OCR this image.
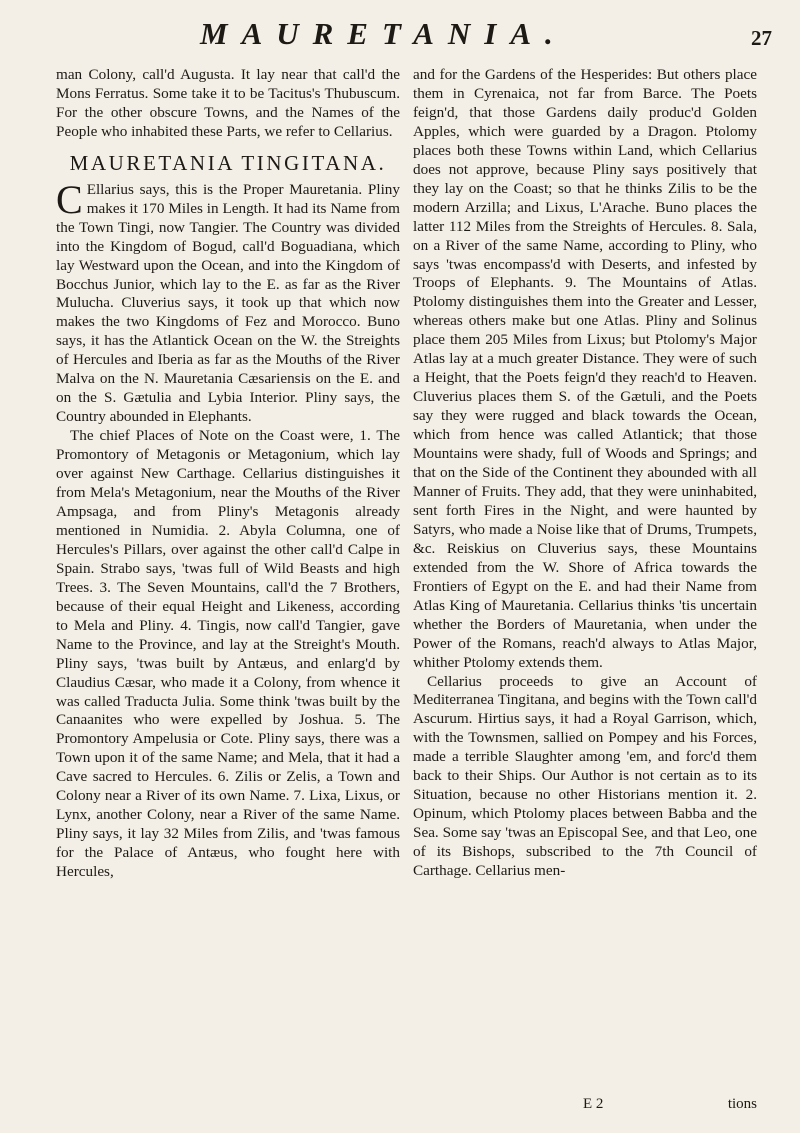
MAURETANIA.	27

man Colony, call'd Augusta. It lay near that call'd the Mons Ferratus. Some take it to be Tacitus's Thubuscum. For the other obscure Towns, and the Names of the People who inhabited these Parts, we refer to Cellarius.

MAURETANIA TINGITANA.

C Ellarius says, this is the Proper Mauretania. Pliny makes it 170 Miles in Length. It had its Name from the Town Tingi, now Tangier. The Country was divided into the Kingdom of Bogud, call'd Boguadiana, which lay Westward upon the Ocean, and into the Kingdom of Bocchus Junior, which lay to the E. as far as the River Mulucha. Cluverius says, it took up that which now makes the two Kingdoms of Fez and Morocco. Buno says, it has the Atlantick Ocean on the W. the Streights of Hercules and Iberia as far as the Mouths of the River Malva on the N. Mauretania Cæsariensis on the E. and on the S. Gætulia and Lybia Interior. Pliny says, the Country abounded in Elephants.

The chief Places of Note on the Coast were, 1. The Promontory of Metagonis or Metagonium, which lay over against New Carthage. Cellarius distinguishes it from Mela's Metagonium, near the Mouths of the River Ampsaga, and from Pliny's Metagonis already mentioned in Numidia. 2. Abyla Columna, one of Hercules's Pillars, over against the other call'd Calpe in Spain. Strabo says, 'twas full of Wild Beasts and high Trees. 3. The Seven Mountains, call'd the 7 Brothers, because of their equal Height and Likeness, according to Mela and Pliny. 4. Tingis, now call'd Tangier, gave Name to the Province, and lay at the Streight's Mouth. Pliny says, 'twas built by Antæus, and enlarg'd by Claudius Cæsar, who made it a Colony, from whence it was called Traducta Julia. Some think 'twas built by the Canaanites who were expelled by Joshua. 5. The Promontory Ampelusia or Cote. Pliny says, there was a Town upon it of the same Name; and Mela, that it had a Cave sacred to Hercules. 6. Zilis or Zelis, a Town and Colony near a River of its own Name. 7. Lixa, Lixus, or Lynx, another Colony, near a River of the same Name. Pliny says, it lay 32 Miles from Zilis, and 'twas famous for the Palace of Antæus, who fought here with Hercules,

and for the Gardens of the Hesperides: But others place them in Cyrenaica, not far from Barce. The Poets feign'd, that those Gardens daily produc'd Golden Apples, which were guarded by a Dragon. Ptolomy places both these Towns within Land, which Cellarius does not approve, because Pliny says positively that they lay on the Coast; so that he thinks Zilis to be the modern Arzilla; and Lixus, L'Arache. Buno places the latter 112 Miles from the Streights of Hercules. 8. Sala, on a River of the same Name, according to Pliny, who says 'twas encompass'd with Deserts, and infested by Troops of Elephants. 9. The Mountains of Atlas. Ptolomy distinguishes them into the Greater and Lesser, whereas others make but one Atlas. Pliny and Solinus place them 205 Miles from Lixus; but Ptolomy's Major Atlas lay at a much greater Distance. They were of such a Height, that the Poets feign'd they reach'd to Heaven. Cluverius places them S. of the Gætuli, and the Poets say they were rugged and black towards the Ocean, which from hence was called Atlantick; that those Mountains were shady, full of Woods and Springs; and that on the Side of the Continent they abounded with all Manner of Fruits. They add, that they were uninhabited, sent forth Fires in the Night, and were haunted by Satyrs, who made a Noise like that of Drums, Trumpets, &c. Reiskius on Cluverius says, these Mountains extended from the W. Shore of Africa towards the Frontiers of Egypt on the E. and had their Name from Atlas King of Mauretania. Cellarius thinks 'tis uncertain whether the Borders of Mauretania, when under the Power of the Romans, reach'd always to Atlas Major, whither Ptolomy extends them.

Cellarius proceeds to give an Account of Mediterranea Tingitana, and begins with the Town call'd Ascurum. Hirtius says, it had a Royal Garrison, which, with the Townsmen, sallied on Pompey and his Forces, made a terrible Slaughter among 'em, and forc'd them back to their Ships. Our Author is not certain as to its Situation, because no other Historians mention it. 2. Opinum, which Ptolomy places between Babba and the Sea. Some say 'twas an Episcopal See, and that Leo, one of its Bishops, subscribed to the 7th Council of Carthage. Cellarius men-

E 2	tions
